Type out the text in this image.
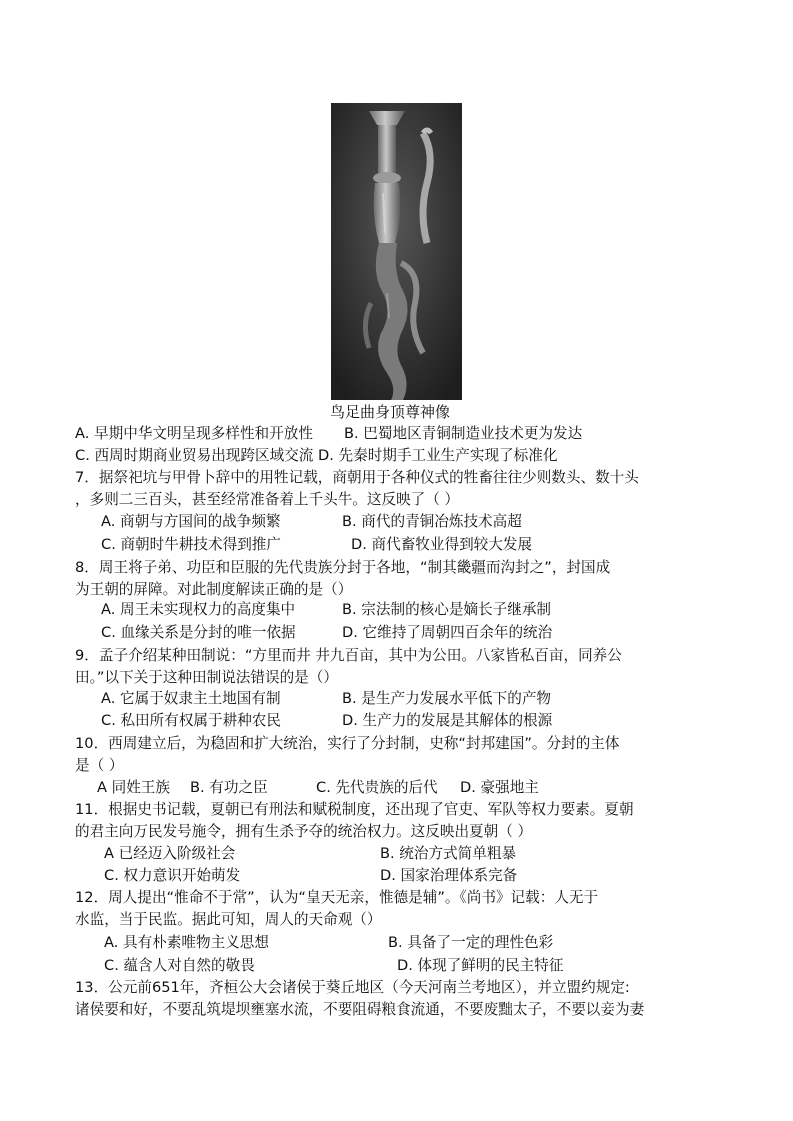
鸟足曲身顶尊神像
A. 早期中华文明呈现多样性和开放性 B. 巴蜀地区青铜制造业技术更为发达
C. 西周时期商业贸易出现跨区域交流 D. 先秦时期手工业生产实现了标准化
7．据祭祀坑与甲骨卜辞中的用牲记载，商朝用于各种仪式的牲畜往往少则数头、数十头
，多则二三百头，甚至经常准备着上千头牛。这反映了（ ）
A. 商朝与方国间的战争频繁	B. 商代的青铜冶炼技术高超
C. 商朝时牛耕技术得到推广	D. 商代畜牧业得到较大发展
8．周王将子弟、功臣和臣服的先代贵族分封于各地，“制其畿疆而沟封之”，封国成
为王朝的屏障。对此制度解读正确的是（）
A. 周王未实现权力的高度集中	B. 宗法制的核心是嫡长子继承制
C. 血缘关系是分封的唯一依据	D. 它维持了周朝四百余年的统治
9．孟子介绍某种田制说：“方里而井 井九百亩，其中为公田。八家皆私百亩，同养公
田。”以下关于这种田制说法错误的是（）
A. 它属于奴隶主土地国有制	B. 是生产力发展水平低下的产物
C. 私田所有权属于耕种农民	D. 生产力的发展是其解体的根源
10．西周建立后，为稳固和扩大统治，实行了分封制，史称“封邦建国”。分封的主体
是（ ）
A 同姓王族 B. 有功之臣	C. 先代贵族的后代 D. 豪强地主
11．根据史书记载，夏朝已有刑法和赋税制度，还出现了官吏、军队等权力要素。夏朝
的君主向万民发号施令，拥有生杀予夺的统治权力。这反映出夏朝（ ）
A 已经迈入阶级社会	B. 统治方式简单粗暴
C. 权力意识开始萌发	D. 国家治理体系完备
12．周人提出“惟命不于常”，认为“皇天无亲，惟德是辅”。《尚书》记载：人无于
水监，当于民监。据此可知，周人的天命观（）
A. 具有朴素唯物主义思想	B. 具备了一定的理性色彩
C. 蕴含人对自然的敬畏	D. 体现了鲜明的民主特征
13．公元前651年，齐桓公大会诸侯于葵丘地区（今天河南兰考地区），并立盟约规定:
诸侯要和好，不要乱筑堤坝壅塞水流，不要阻碍粮食流通，不要废黜太子，不要以妾为妻
